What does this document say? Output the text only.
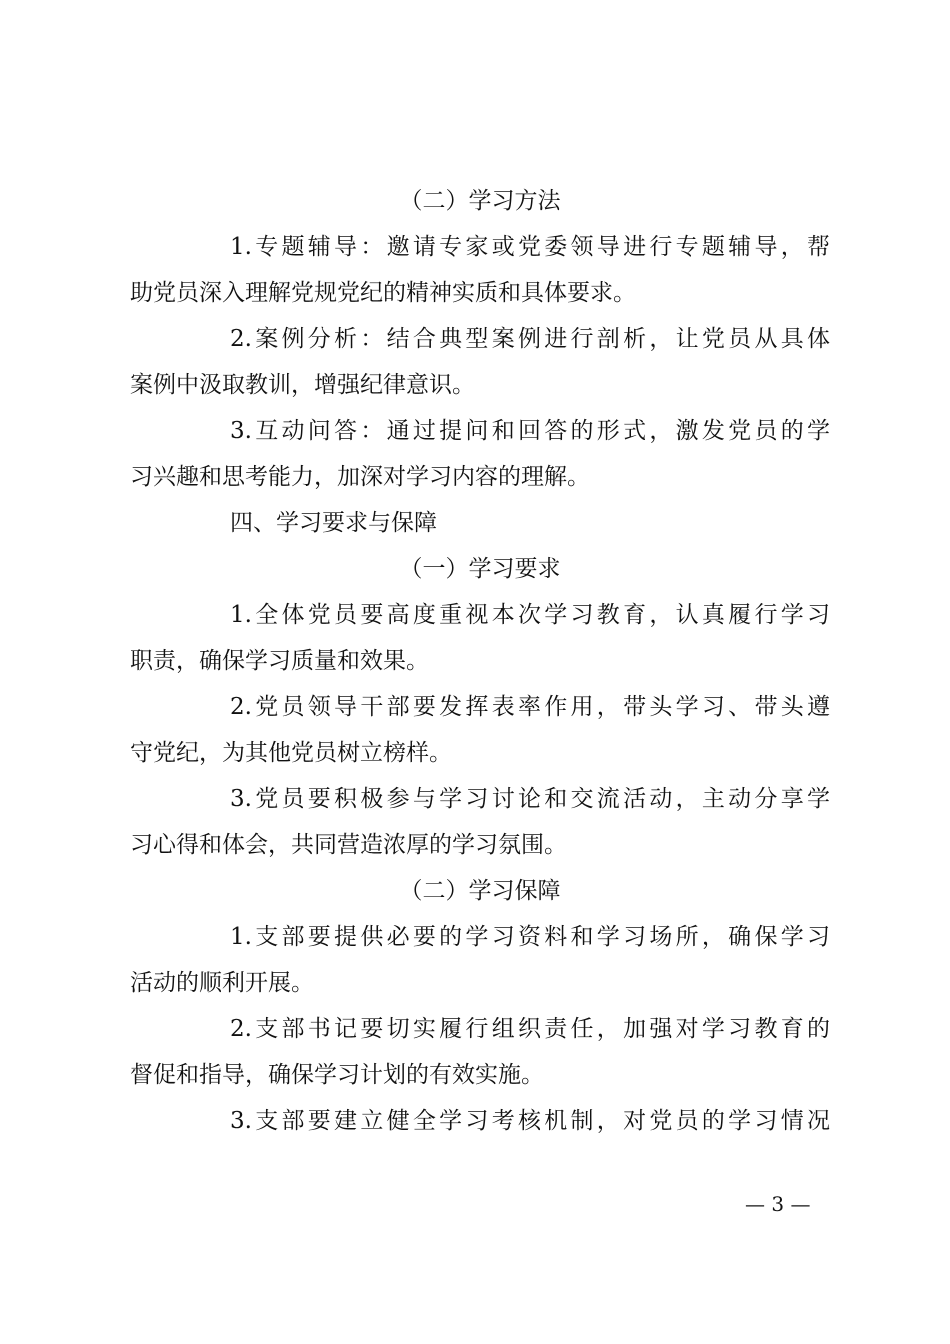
（二）学习方法

1.专题辅导：邀请专家或党委领导进行专题辅导，帮

助党员深入理解党规党纪的精神实质和具体要求。

2.案例分析：结合典型案例进行剖析，让党员从具体

案例中汲取教训，增强纪律意识。

3.互动问答：通过提问和回答的形式，激发党员的学

习兴趣和思考能力，加深对学习内容的理解。

四、学习要求与保障

（一）学习要求

1.全体党员要高度重视本次学习教育，认真履行学习

职责，确保学习质量和效果。

2.党员领导干部要发挥表率作用，带头学习、带头遵

守党纪，为其他党员树立榜样。

3.党员要积极参与学习讨论和交流活动，主动分享学

习心得和体会，共同营造浓厚的学习氛围。

（二）学习保障

1.支部要提供必要的学习资料和学习场所，确保学习

活动的顺利开展。

2.支部书记要切实履行组织责任，加强对学习教育的

督促和指导，确保学习计划的有效实施。

3.支部要建立健全学习考核机制，对党员的学习情况

— 3 —
